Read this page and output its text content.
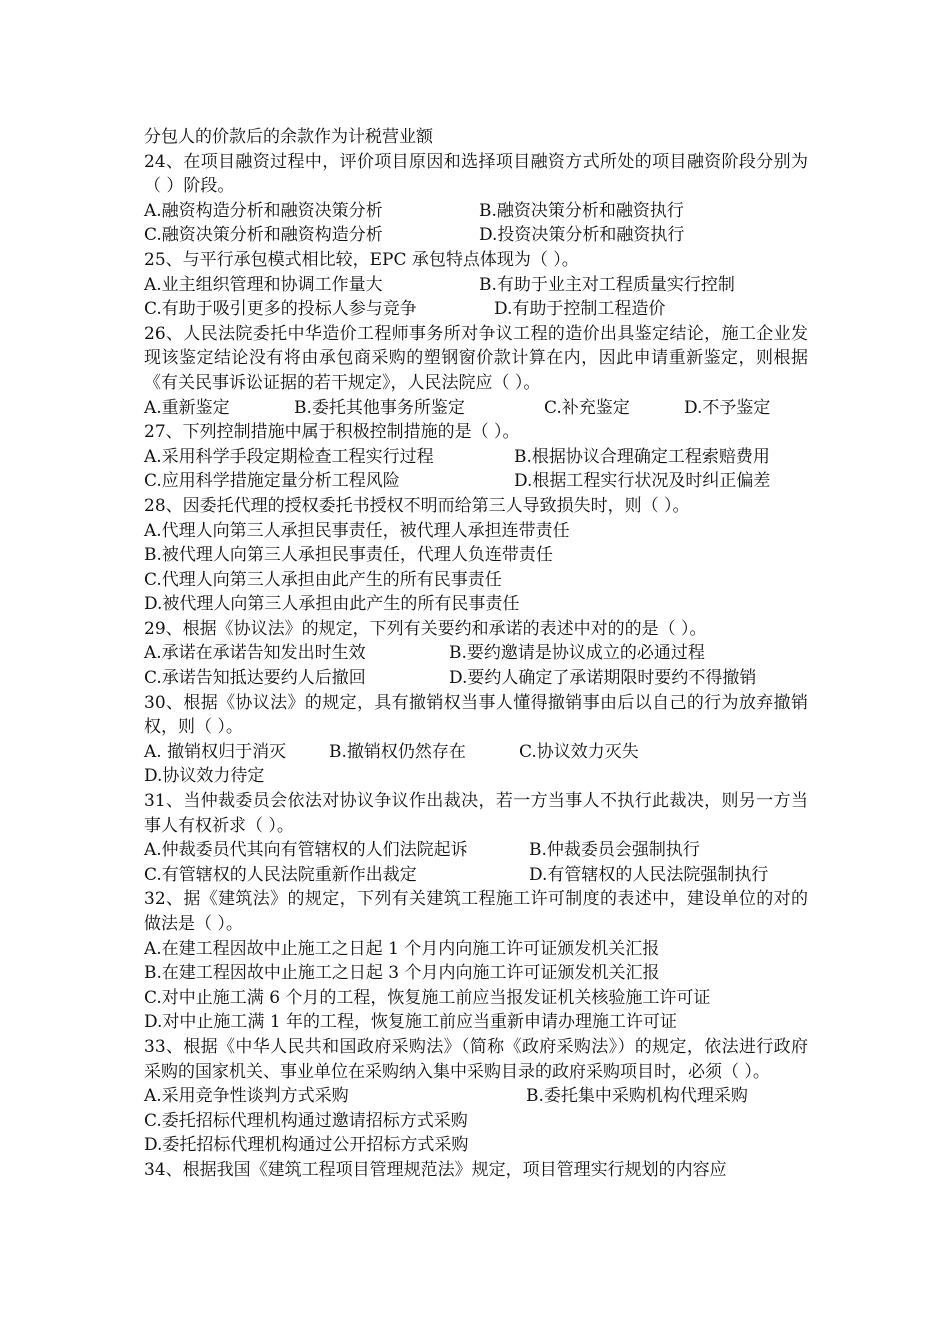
分包人的价款后的余款作为计税营业额
24、在项目融资过程中，评价项目原因和选择项目融资方式所处的项目融资阶段分别为（ ）阶段。
A.融资构造分析和融资决策分析	B.融资决策分析和融资执行
C.融资决策分析和融资构造分析	D.投资决策分析和融资执行
25、与平行承包模式相比较，EPC 承包特点体现为（ ）。
A.业主组织管理和协调工作量大	B.有助于业主对工程质量实行控制
C.有助于吸引更多的投标人参与竞争	D.有助于控制工程造价
26、人民法院委托中华造价工程师事务所对争议工程的造价出具鉴定结论，施工企业发现该鉴定结论没有将由承包商采购的塑钢窗价款计算在内，因此申请重新鉴定，则根据《有关民事诉讼证据的若干规定》，人民法院应（ ）。
A.重新鉴定	B.委托其他事务所鉴定	C.补充鉴定	D.不予鉴定
27、下列控制措施中属于积极控制措施的是（ ）。
A.采用科学手段定期检查工程实行过程	B.根据协议合理确定工程索赔费用
C.应用科学措施定量分析工程风险	D.根据工程实行状况及时纠正偏差
28、因委托代理的授权委托书授权不明而给第三人导致损失时，则（ ）。
A.代理人向第三人承担民事责任，被代理人承担连带责任
B.被代理人向第三人承担民事责任，代理人负连带责任
C.代理人向第三人承担由此产生的所有民事责任
D.被代理人向第三人承担由此产生的所有民事责任
29、根据《协议法》的规定，下列有关要约和承诺的表述中对的的是（ ）。
A.承诺在承诺告知发出时生效	B.要约邀请是协议成立的必通过程
C.承诺告知抵达要约人后撤回	D.要约人确定了承诺期限时要约不得撤销
30、根据《协议法》的规定，具有撤销权当事人懂得撤销事由后以自己的行为放弃撤销权，则（ ）。
A. 撤销权归于消灭	B.撤销权仍然存在	C.协议效力灭失
D.协议效力待定
31、当仲裁委员会依法对协议争议作出裁决，若一方当事人不执行此裁决，则另一方当事人有权祈求（ ）。
A.仲裁委员代其向有管辖权的人们法院起诉	B.仲裁委员会强制执行
C.有管辖权的人民法院重新作出裁定	D.有管辖权的人民法院强制执行
32、据《建筑法》的规定，下列有关建筑工程施工许可制度的表述中，建设单位的对的做法是（ ）。
A.在建工程因故中止施工之日起 1 个月内向施工许可证颁发机关汇报
B.在建工程因故中止施工之日起 3 个月内向施工许可证颁发机关汇报
C.对中止施工满 6 个月的工程，恢复施工前应当报发证机关核验施工许可证
D.对中止施工满 1 年的工程，恢复施工前应当重新申请办理施工许可证
33、根据《中华人民共和国政府采购法》（简称《政府采购法》）的规定，依法进行政府采购的国家机关、事业单位在采购纳入集中采购目录的政府采购项目时，必须（ ）。
A.采用竞争性谈判方式采购	B.委托集中采购机构代理采购
C.委托招标代理机构通过邀请招标方式采购
D.委托招标代理机构通过公开招标方式采购
34、根据我国《建筑工程项目管理规范法》规定，项目管理实行规划的内容应
